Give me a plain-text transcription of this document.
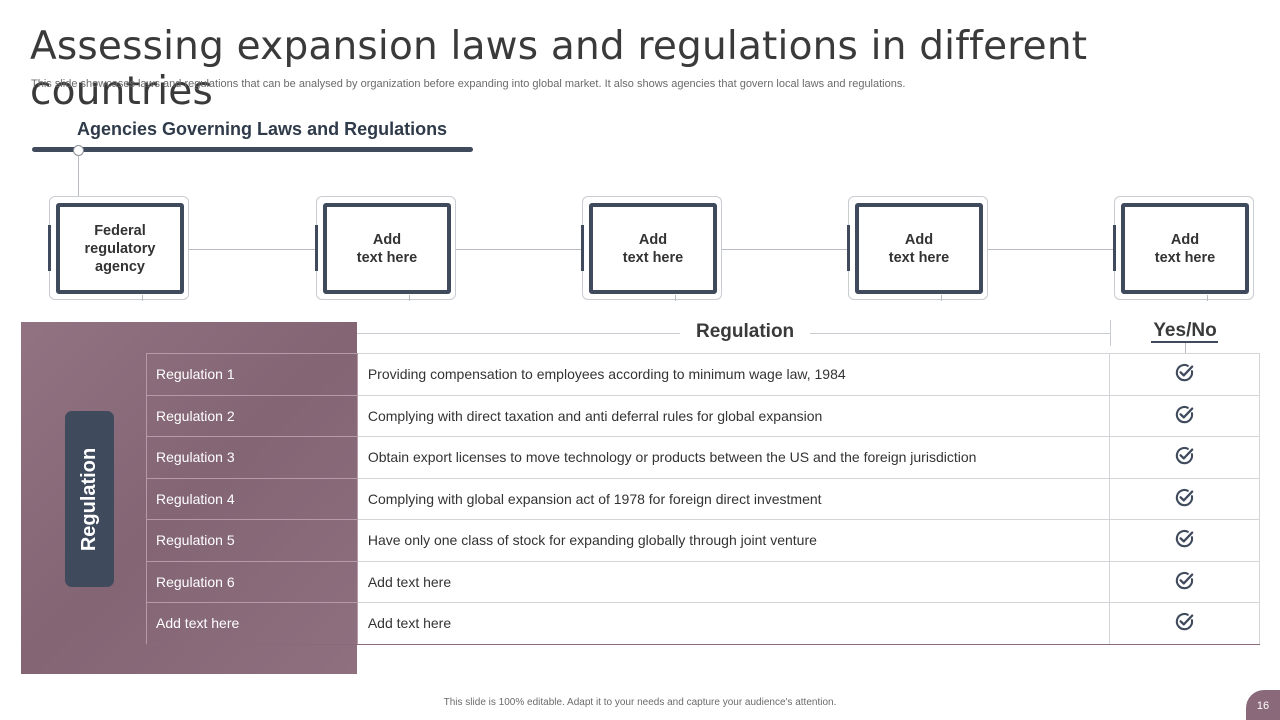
Assessing expansion laws and regulations in different countries
This slide showcases laws and regulations that can be analysed by organization before expanding into global market. It also shows agencies that govern local laws and regulations.
Agencies Governing Laws and Regulations
Federal
regulatory
agency
Add
text here
Add
text here
Add
text here
Add
text here
Regulation
Regulation	Yes/No
Regulation 1	Providing compensation to employees according to minimum wage law, 1984	
Regulation 2	Complying with direct taxation and anti deferral rules for global expansion	
Regulation 3	Obtain export licenses to move technology or products between the US and the foreign jurisdiction	
Regulation 4	Complying with global expansion act of 1978 for foreign direct investment	
Regulation 5	Have only one class of stock for expanding globally through joint venture	
Regulation 6	Add text here	
Add text here	Add text here	
This slide is 100% editable. Adapt it to your needs and capture your audience's attention.	16
